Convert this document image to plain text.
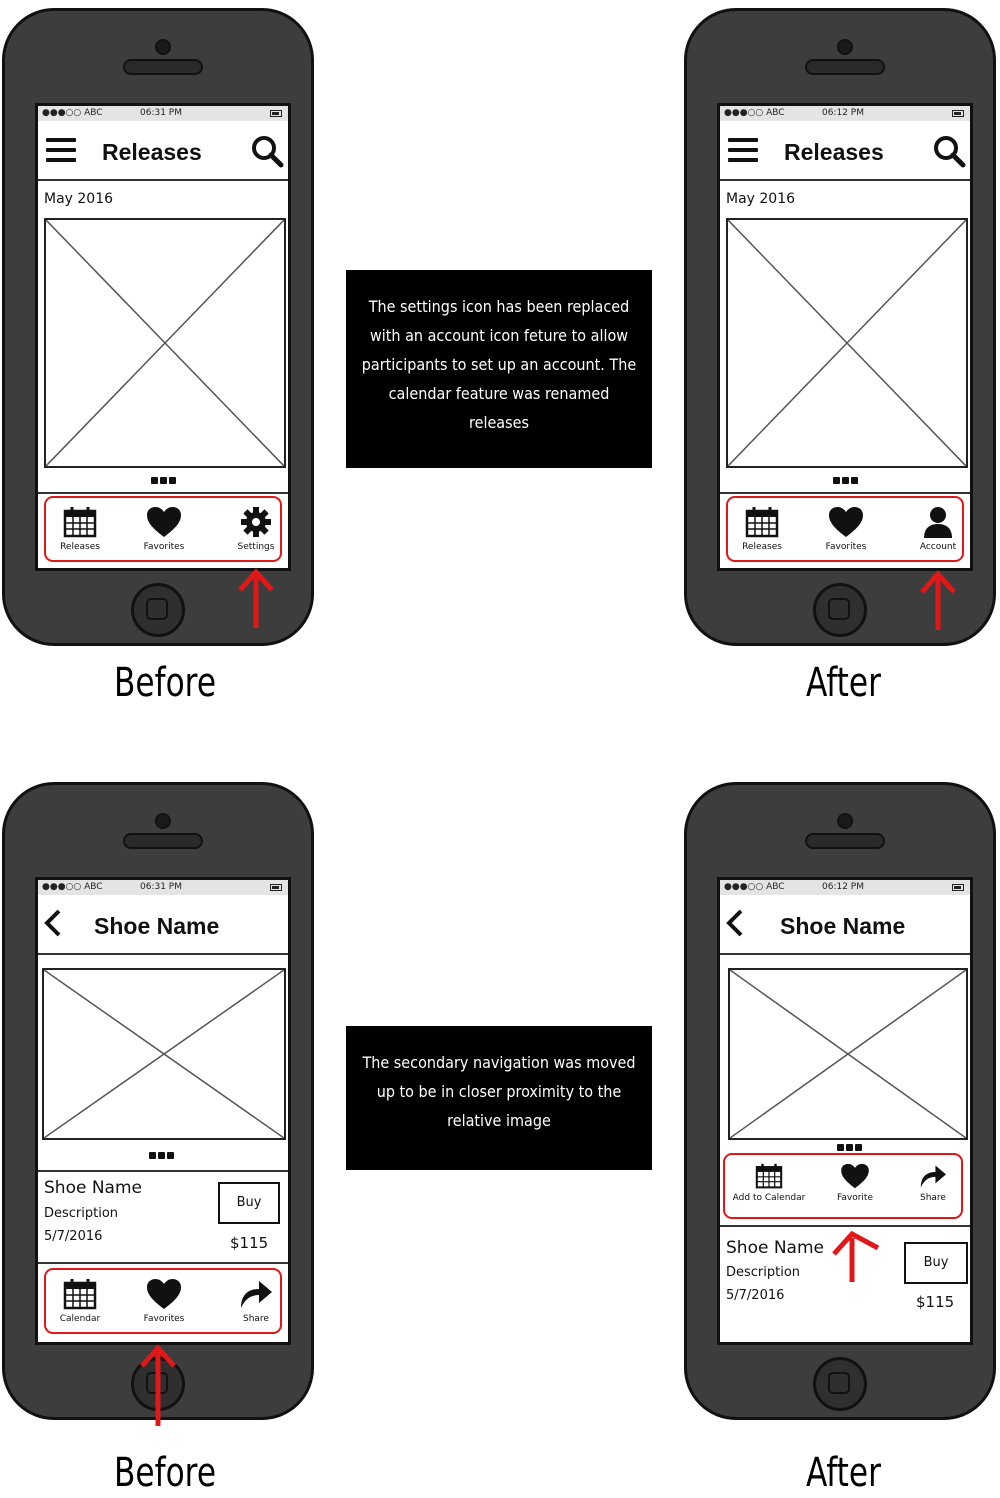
●●●○○ ABC	06:31 PM
Releases
May 2016
Releases	Favorites	Settings
●●●○○ ABC	06:12 PM
Releases
May 2016
Releases	Favorites	Account
The settings icon has been replaced with an account icon feture to allow participants to set up an account. The calendar feature was renamed releases
Before	After
●●●○○ ABC	06:31 PM
Shoe Name
Shoe Name
Description
5/7/2016
Buy
$115
Calendar	Favorites	Share
●●●○○ ABC	06:12 PM
Shoe Name
Add to Calendar	Favorite	Share
Shoe Name
Description
5/7/2016
Buy
$115
The secondary navigation was moved up to be in closer proximity to the relative image
Before	After
